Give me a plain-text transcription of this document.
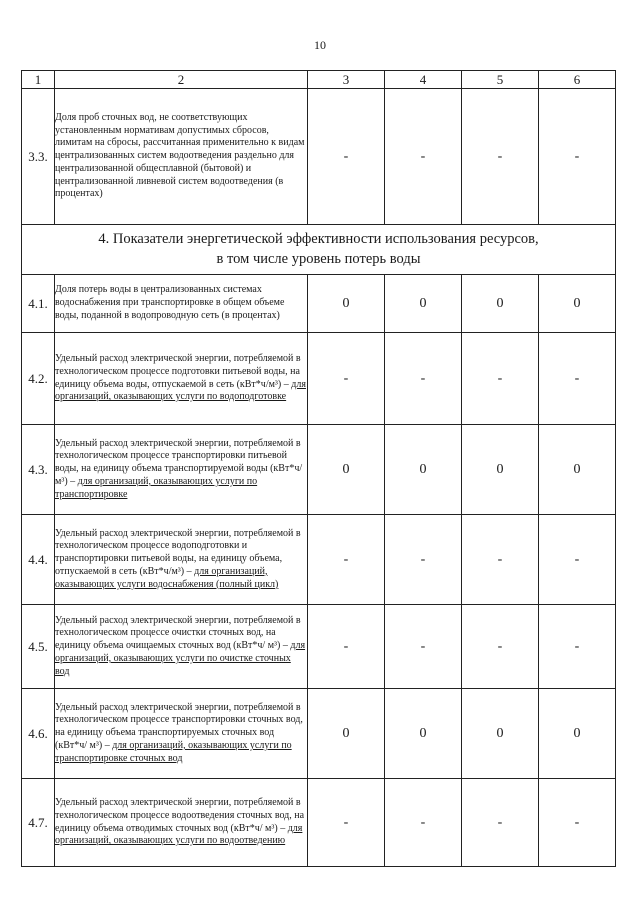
10
1	2	3	4	5	6
3.3.	Доля проб сточных вод, не соответствующих установленным нормативам допустимых сбросов, лимитам на сбросы, рассчитанная применительно к видам централизованных систем водоотведения раздельно для централизованной общесплавной (бытовой) и централизованной ливневой систем водоотведения (в процентах)	-	-	-	-

4. Показатели энергетической эффективности использования ресурсов,
в том числе уровень потерь воды					

4.1.	Доля потерь воды в централизованных системах водоснабжения при транспортировке в общем объеме воды, поданной в водопроводную сеть (в процентах)	0	0	0	0
4.2.	Удельный расход электрической энергии, потребляемой в технологическом процессе подготовки питьевой воды, на единицу объема воды, отпускаемой в сеть (кВт*ч/м³) – для организаций, оказывающих услуги по водоподготовке	-	-	-	-
4.3.	Удельный расход электрической энергии, потребляемой в технологическом процессе транспортировки питьевой воды, на единицу объема транспортируемой воды (кВт*ч/м³) – для организаций, оказывающих услуги по транспортировке	0	0	0	0
4.4.	Удельный расход электрической энергии, потребляемой в технологическом процессе водоподготовки и транспортировки питьевой воды, на единицу объема, отпускаемой в сеть (кВт*ч/м³) – для организаций, оказывающих услуги водоснабжения (полный цикл)	-	-	-	-
4.5.	Удельный расход электрической энергии, потребляемой в технологическом процессе очистки сточных вод, на единицу объема очищаемых сточных вод (кВт*ч/ м³) – для организаций, оказывающих услуги по очистке сточных вод	-	-	-	-
4.6.	Удельный расход электрической энергии, потребляемой в технологическом процессе транспортировки сточных вод, на единицу объема транспортируемых сточных вод (кВт*ч/ м³) – для организаций, оказывающих услуги по транспортировке сточных вод	0	0	0	0
4.7.	Удельный расход электрической энергии, потребляемой в технологическом процессе водоотведения сточных вод, на единицу объема отводимых сточных вод (кВт*ч/ м³) – для организаций, оказывающих услуги по водоотведению	-	-	-	-
